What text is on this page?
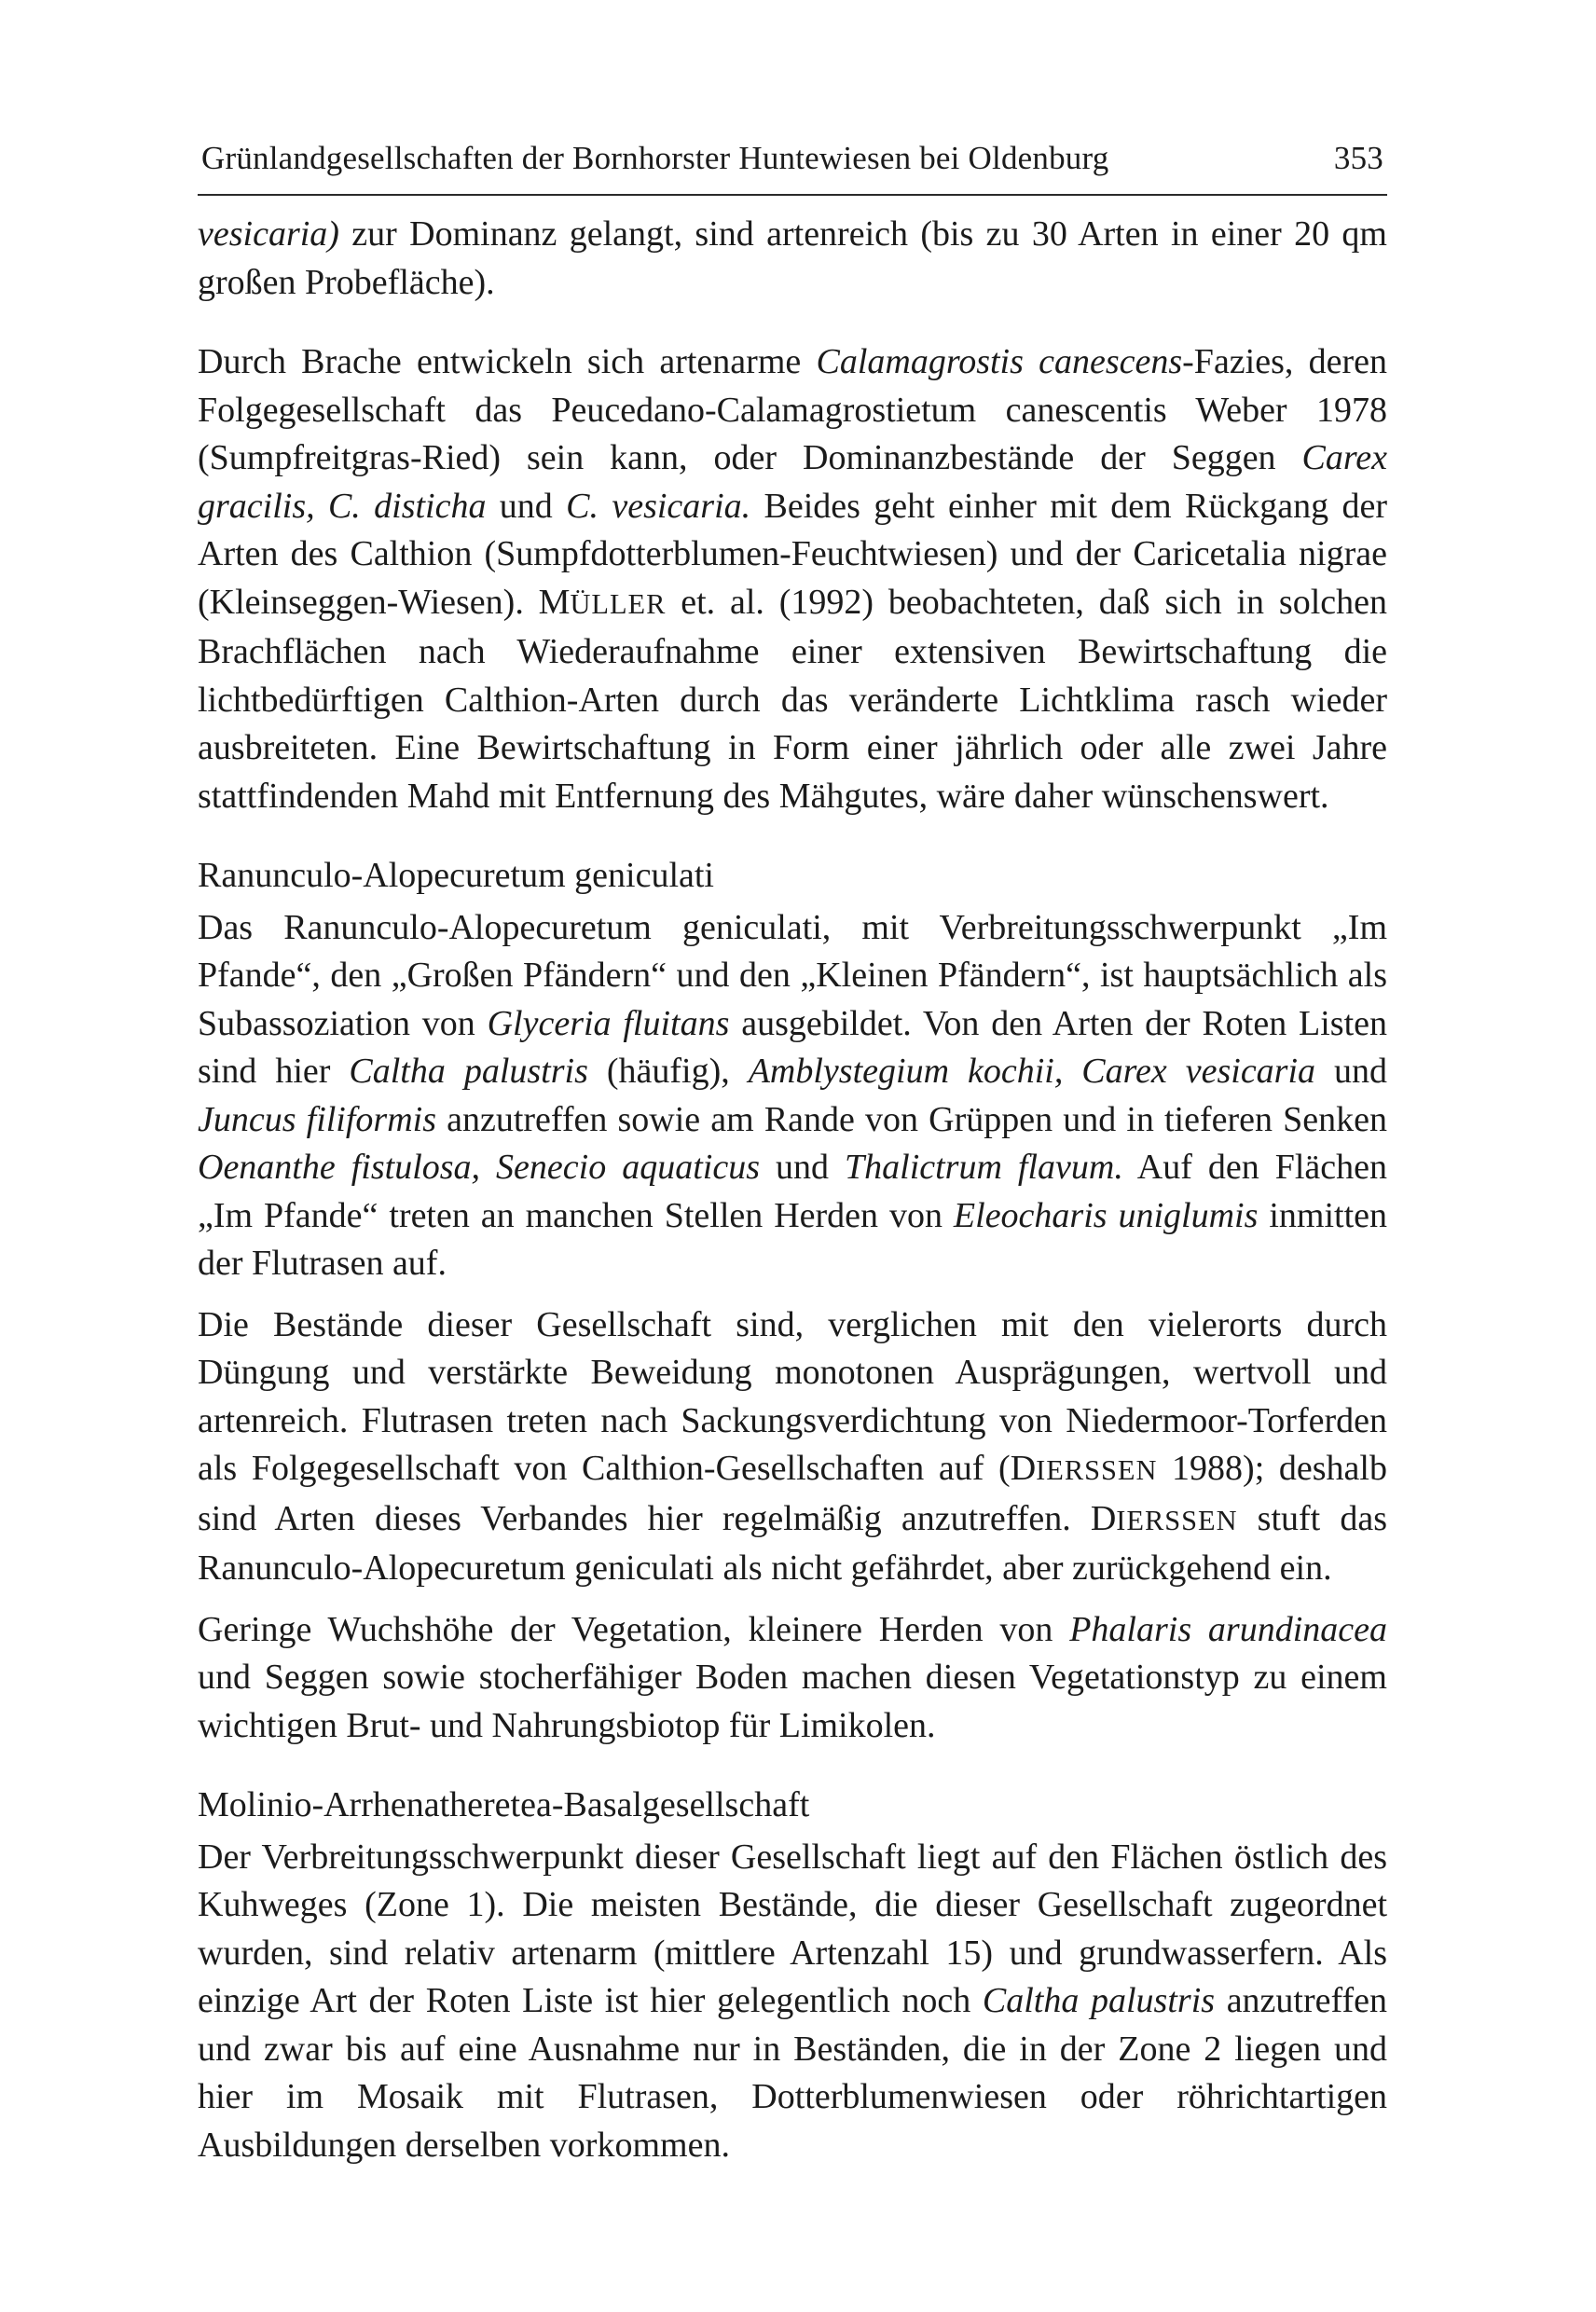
Grünlandgesellschaften der Bornhorster Huntewiesen bei Oldenburg	353

vesicaria) zur Dominanz gelangt, sind artenreich (bis zu 30 Arten in einer 20 qm großen Probefläche).

Durch Brache entwickeln sich artenarme Calamagrostis canescens-Fazies, deren Folgegesellschaft das Peucedano-Calamagrostietum canescentis Weber 1978 (Sumpfreitgras-Ried) sein kann, oder Dominanzbestände der Seggen Carex gracilis, C. disticha und C. vesicaria. Beides geht einher mit dem Rückgang der Arten des Calthion (Sumpfdotterblumen-Feuchtwiesen) und der Caricetalia nigrae (Kleinseggen-Wiesen). MÜLLER et. al. (1992) beobachteten, daß sich in solchen Brachflächen nach Wiederaufnahme einer extensiven Bewirtschaftung die lichtbedürftigen Calthion-Arten durch das veränderte Lichtklima rasch wieder ausbreiteten. Eine Bewirtschaftung in Form einer jährlich oder alle zwei Jahre stattfindenden Mahd mit Entfernung des Mähgutes, wäre daher wünschenswert.

Ranunculo-Alopecuretum geniculati

Das Ranunculo-Alopecuretum geniculati, mit Verbreitungsschwerpunkt „Im Pfande“, den „Großen Pfändern“ und den „Kleinen Pfändern“, ist hauptsächlich als Subassoziation von Glyceria fluitans ausgebildet. Von den Arten der Roten Listen sind hier Caltha palustris (häufig), Amblystegium kochii, Carex vesicaria und Juncus filiformis anzutreffen sowie am Rande von Grüppen und in tieferen Senken Oenanthe fistulosa, Senecio aquaticus und Thalictrum flavum. Auf den Flächen „Im Pfande“ treten an manchen Stellen Herden von Eleocharis uniglumis inmitten der Flutrasen auf.

Die Bestände dieser Gesellschaft sind, verglichen mit den vielerorts durch Düngung und verstärkte Beweidung monotonen Ausprägungen, wertvoll und artenreich. Flutrasen treten nach Sackungsverdichtung von Niedermoor-Torferden als Folgegesellschaft von Calthion-Gesellschaften auf (DIERSSEN 1988); deshalb sind Arten dieses Verbandes hier regelmäßig anzutreffen. DIERSSEN stuft das Ranunculo-Alopecuretum geniculati als nicht gefährdet, aber zurückgehend ein.

Geringe Wuchshöhe der Vegetation, kleinere Herden von Phalaris arundinacea und Seggen sowie stocherfähiger Boden machen diesen Vegetationstyp zu einem wichtigen Brut- und Nahrungsbiotop für Limikolen.

Molinio-Arrhenatheretea-Basalgesellschaft

Der Verbreitungsschwerpunkt dieser Gesellschaft liegt auf den Flächen östlich des Kuhweges (Zone 1). Die meisten Bestände, die dieser Gesellschaft zugeordnet wurden, sind relativ artenarm (mittlere Artenzahl 15) und grundwasserfern. Als einzige Art der Roten Liste ist hier gelegentlich noch Caltha palustris anzutreffen und zwar bis auf eine Ausnahme nur in Beständen, die in der Zone 2 liegen und hier im Mosaik mit Flutrasen, Dotterblumenwiesen oder röhrichtartigen Ausbildungen derselben vorkommen.
